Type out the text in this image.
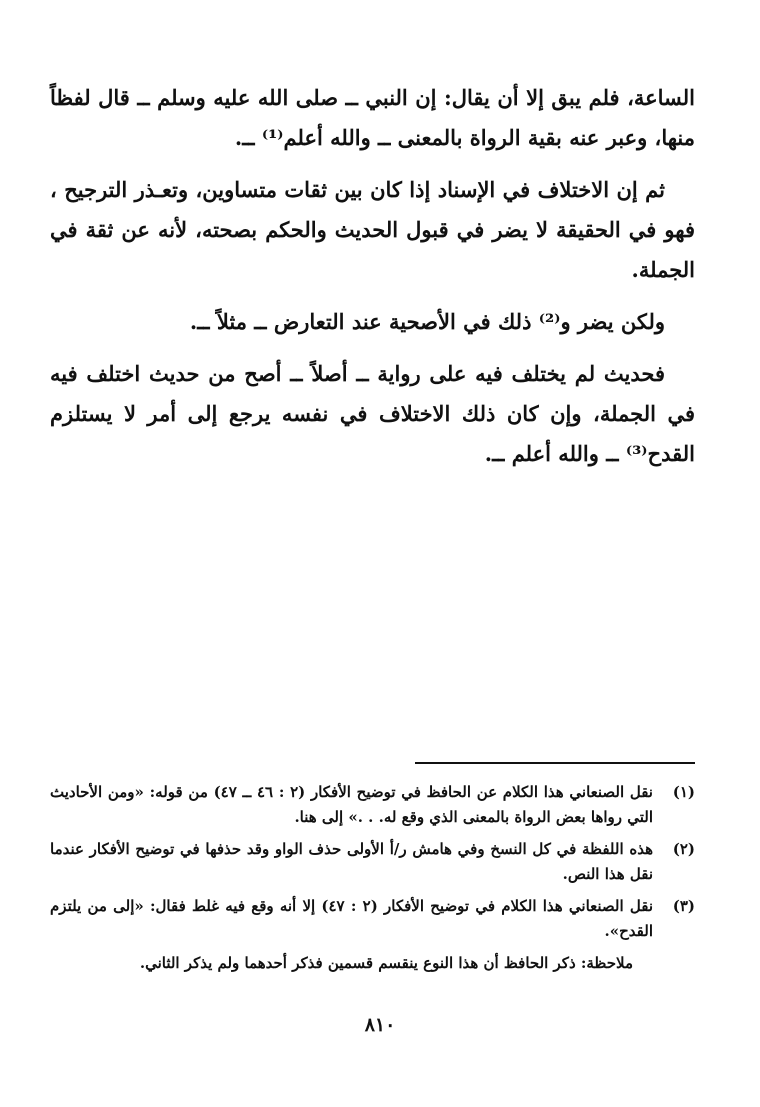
الساعة، فلم يبق إلا أن يقال: إن النبي ــ صلى الله عليه وسلم ــ قال لفظاً منها، وعبر عنه بقية الرواة بالمعنى ــ والله أعلم⁽¹⁾ ــ.

ثم إن الاختلاف في الإسناد إذا كان بين ثقات متساوين، وتعـذر الترجيح ، فهو في الحقيقة لا يضر في قبول الحديث والحكم بصحته، لأنه عن ثقة في الجملة.

ولكن يضر و⁽²⁾ ذلك في الأصحية عند التعارض ــ مثلاً ــ.

فحديث لم يختلف فيه على رواية ــ أصلاً ــ أصح من حديث اختلف فيه في الجملة، وإن كان ذلك الاختلاف في نفسه يرجع إلى أمر لا يستلزم القدح⁽³⁾ ــ والله أعلم ــ.

(١)
نقل الصنعاني هذا الكلام عن الحافظ في توضيح الأفكار (٢ : ٤٦ ــ ٤٧) من قوله: «ومن الأحاديث التي رواها بعض الرواة بالمعنى الذي وقع له. . .» إلى هنا.
(٢)
هذه اللفظة في كل النسخ وفي هامش ر/أ الأولى حذف الواو وقد حذفها في توضيح الأفكار عندما نقل هذا النص.
(٣)
نقل الصنعاني هذا الكلام في توضيح الأفكار (٢ : ٤٧) إلا أنه وقع فيه غلط فقال: «إلى من يلتزم القدح».
ملاحظة: ذكر الحافظ أن هذا النوع ينقسم قسمين فذكر أحدهما ولم يذكر الثاني.
٨١٠
